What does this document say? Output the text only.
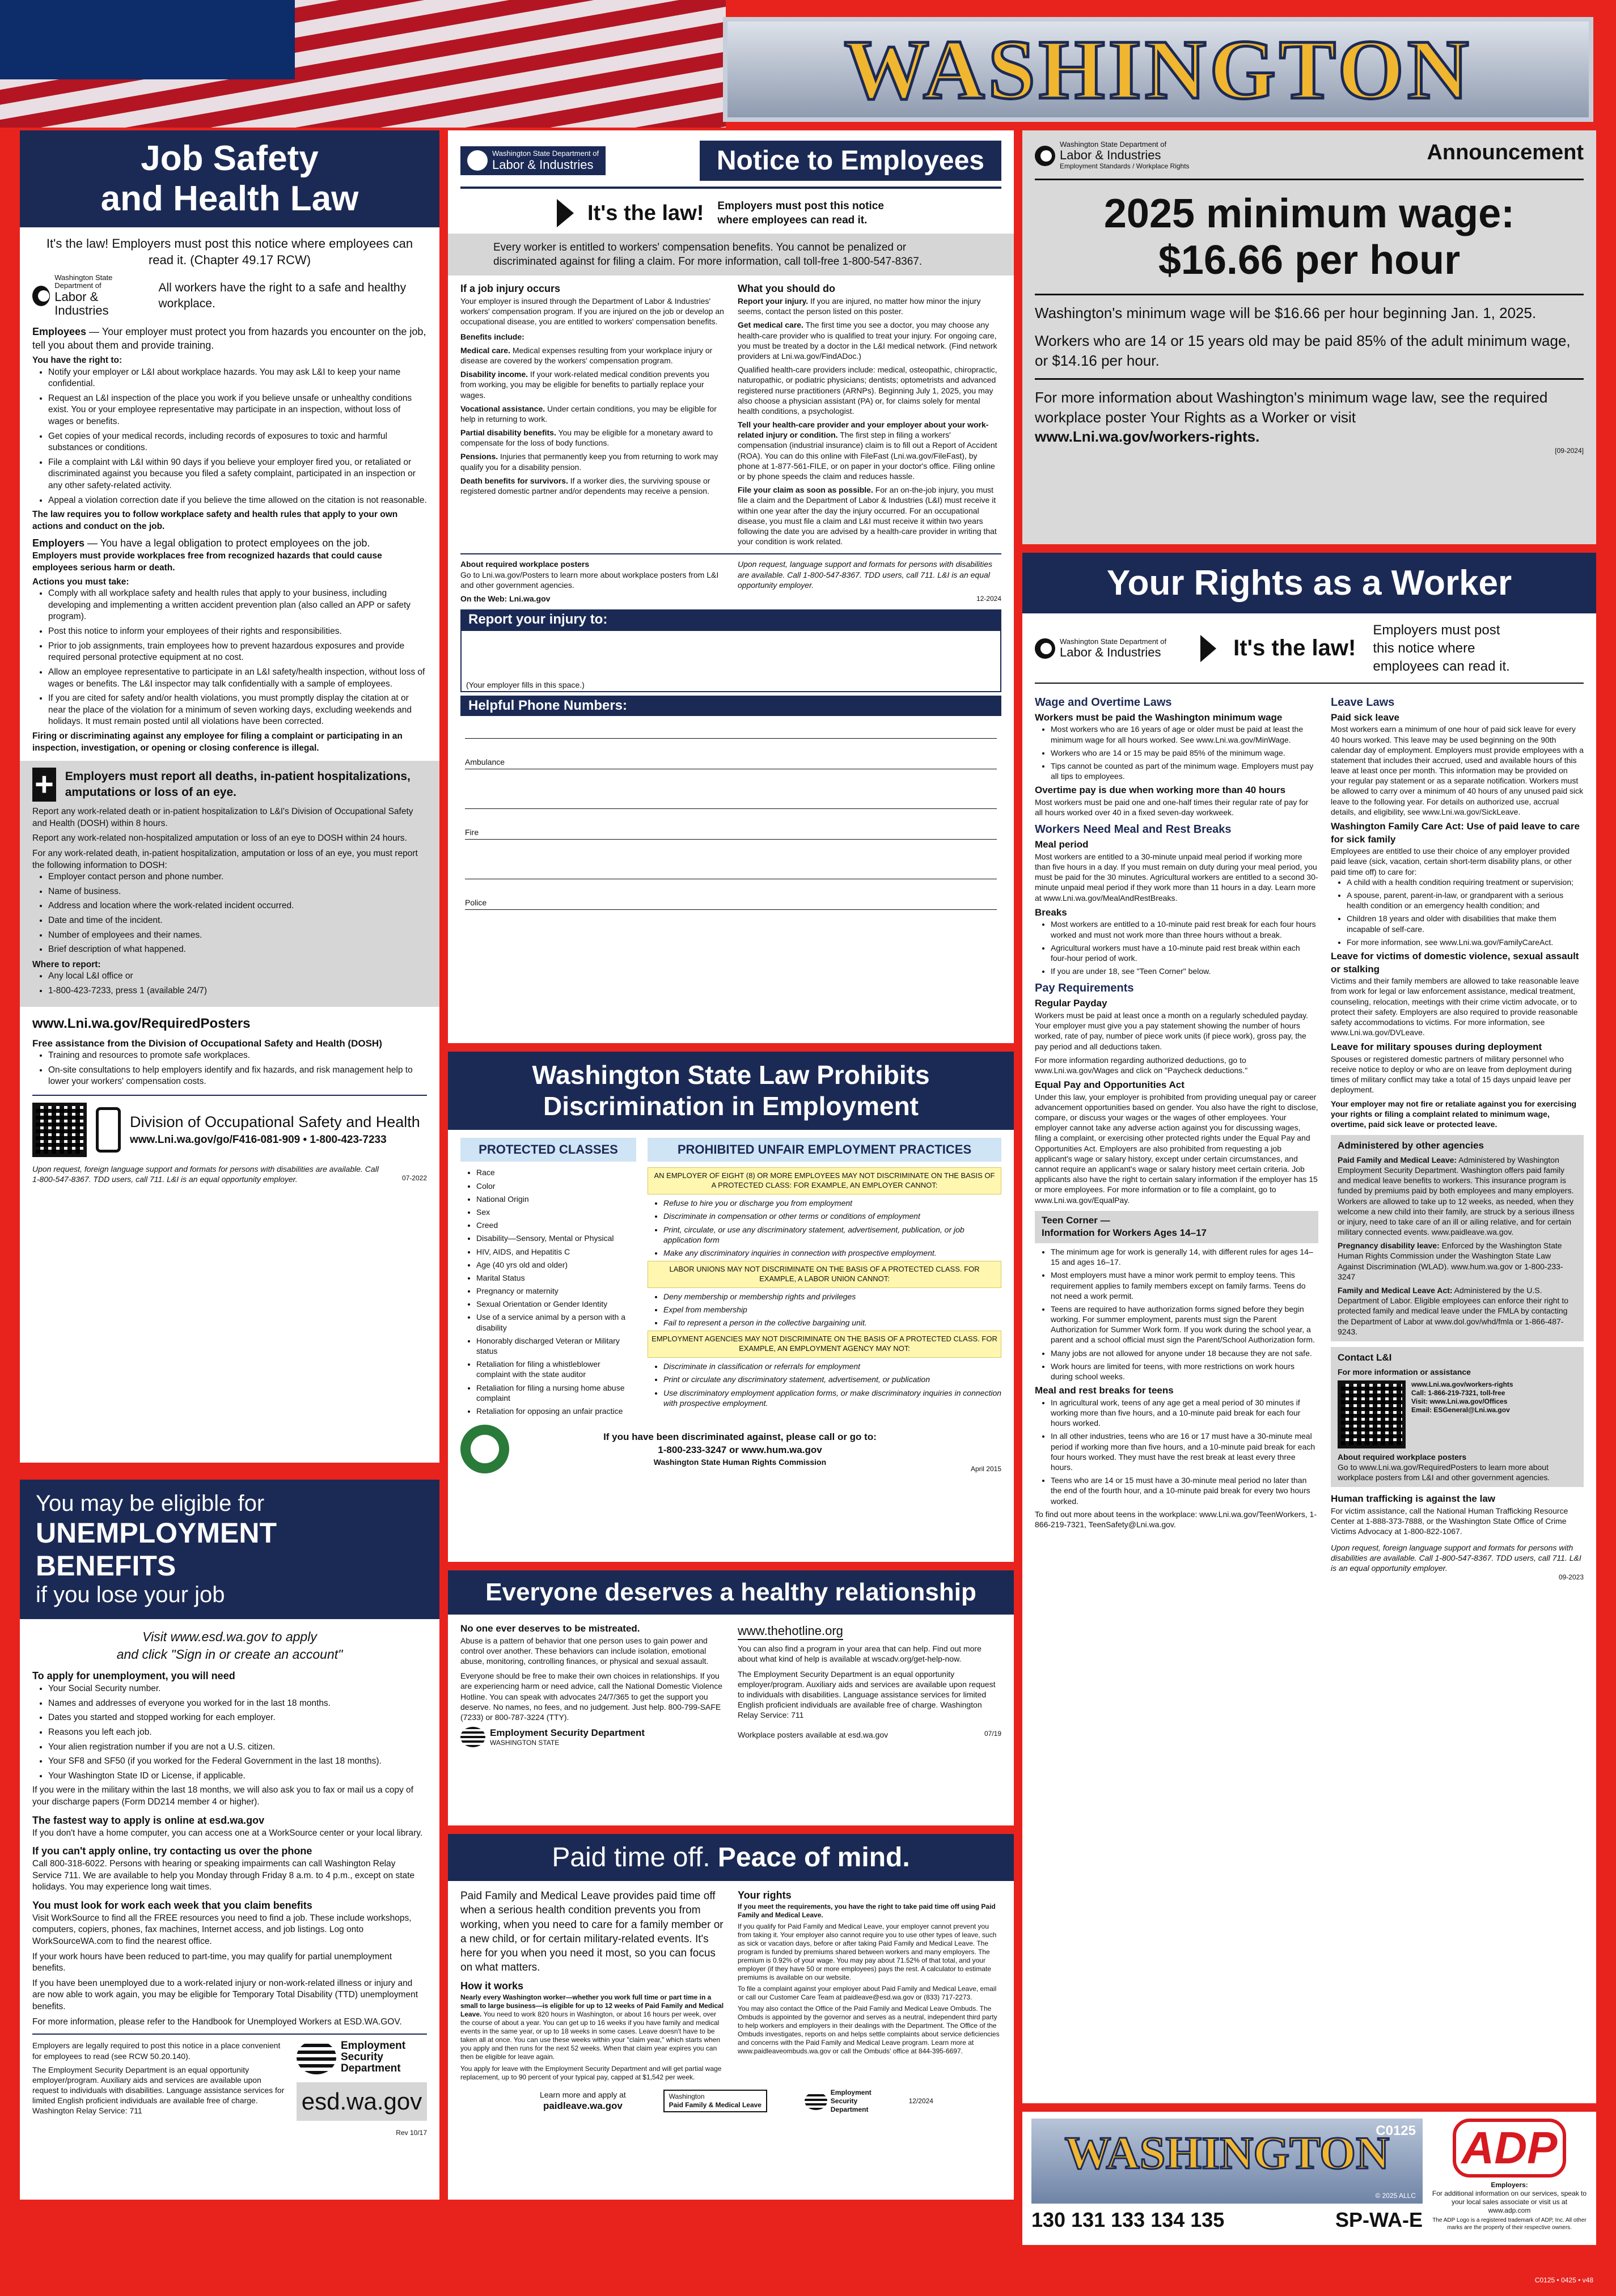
WASHINGTON
Job Safety
and Health Law

It's the law! Employers must post this notice where employees can read it. (Chapter 49.17 RCW)

Washington State Department of
Labor & Industries

All workers have the right to a safe and healthy workplace.

Employees — Your employer must protect you from hazards you encounter on the job, tell you about them and provide training.

You have the right to:

• Notify your employer or L&I about workplace hazards. You may ask L&I to keep your name confidential.
• Request an L&I inspection of the place you work if you believe unsafe or unhealthy conditions exist. You or your employee representative may participate in an inspection, without loss of wages or benefits.
• Get copies of your medical records, including records of exposures to toxic and harmful substances or conditions.
• File a complaint with L&I within 90 days if you believe your employer fired you, or retaliated or discriminated against you because you filed a safety complaint, participated in an inspection or any other safety-related activity.
• Appeal a violation correction date if you believe the time allowed on the citation is not reasonable.

The law requires you to follow workplace safety and health rules that apply to your own actions and conduct on the job.

Employers — You have a legal obligation to protect employees on the job.

Employers must provide workplaces free from recognized hazards that could cause employees serious harm or death.

Actions you must take:

• Comply with all workplace safety and health rules that apply to your business, including developing and implementing a written accident prevention plan (also called an APP or safety program).
• Post this notice to inform your employees of their rights and responsibilities.
• Prior to job assignments, train employees how to prevent hazardous exposures and provide required personal protective equipment at no cost.
• Allow an employee representative to participate in an L&I safety/health inspection, without loss of wages or benefits. The L&I inspector may talk confidentially with a sample of employees.
• If you are cited for safety and/or health violations, you must promptly display the citation at or near the place of the violation for a minimum of seven working days, excluding weekends and holidays. It must remain posted until all violations have been corrected.

Firing or discriminating against any employee for filing a complaint or participating in an inspection, investigation, or opening or closing conference is illegal.

+ Employers must report all deaths, in-patient hospitalizations, amputations or loss of an eye.

Report any work-related death or in-patient hospitalization to L&I's Division of Occupational Safety and Health (DOSH) within 8 hours.

Report any work-related non-hospitalized amputation or loss of an eye to DOSH within 24 hours.

For any work-related death, in-patient hospitalization, amputation or loss of an eye, you must report the following information to DOSH:

• Employer contact person and phone number.
• Name of business.
• Address and location where the work-related incident occurred.
• Date and time of the incident.
• Number of employees and their names.
• Brief description of what happened.

Where to report:

• Any local L&I office or
• 1-800-423-7233, press 1 (available 24/7)

www.Lni.wa.gov/RequiredPosters

Free assistance from the Division of Occupational Safety and Health (DOSH)

• Training and resources to promote safe workplaces.
• On-site consultations to help employers identify and fix hazards, and risk management help to lower your workers' compensation costs.

Division of Occupational Safety and Health

www.Lni.wa.gov/go/F416-081-909 • 1-800-423-7233

Upon request, foreign language support and formats for persons with disabilities are available. Call 1-800-547-8367. TDD users, call 711. L&I is an equal opportunity employer.	07-2022

You may be eligible for
UNEMPLOYMENT BENEFITS
if you lose your job

Visit www.esd.wa.gov to apply

and click "Sign in or create an account"

To apply for unemployment, you will need

• Your Social Security number.
• Names and addresses of everyone you worked for in the last 18 months.
• Dates you started and stopped working for each employer.
• Reasons you left each job.
• Your alien registration number if you are not a U.S. citizen.
• Your SF8 and SF50 (if you worked for the Federal Government in the last 18 months).
• Your Washington State ID or License, if applicable.

If you were in the military within the last 18 months, we will also ask you to fax or mail us a copy of your discharge papers (Form DD214 member 4 or higher).

The fastest way to apply is online at esd.wa.gov

If you don't have a home computer, you can access one at a WorkSource center or your local library.

If you can't apply online, try contacting us over the phone

Call 800-318-6022. Persons with hearing or speaking impairments can call Washington Relay Service 711. We are available to help you Monday through Friday 8 a.m. to 4 p.m., except on state holidays. You may experience long wait times.

You must look for work each week that you claim benefits

Visit WorkSource to find all the FREE resources you need to find a job. These include workshops, computers, copiers, phones, fax machines, Internet access, and job listings. Log onto WorkSourceWA.com to find the nearest office.

If your work hours have been reduced to part-time, you may qualify for partial unemployment benefits.

If you have been unemployed due to a work-related injury or non-work-related illness or injury and are now able to work again, you may be eligible for Temporary Total Disability (TTD) unemployment benefits.

For more information, please refer to the Handbook for Unemployed Workers at ESD.WA.GOV.

Employers are legally required to post this notice in a place convenient for employees to read (see RCW 50.20.140).

The Employment Security Department is an equal opportunity employer/program. Auxiliary aids and services are available upon request to individuals with disabilities. Language assistance services for limited English proficient individuals are available free of charge. Washington Relay Service: 711

Employment
Security
Department
esd.wa.gov

Rev 10/17

Washington State Department of
Labor & Industries	Notice to Employees
It's the law! Employers must post this notice where employees can read it.

Every worker is entitled to workers' compensation benefits. You cannot be penalized or discriminated against for filing a claim. For more information, call toll-free 1-800-547-8367.

If a job injury occurs

Your employer is insured through the Department of Labor & Industries' workers' compensation program. If you are injured on the job or develop an occupational disease, you are entitled to workers' compensation benefits.

Benefits include:

Medical care. Medical expenses resulting from your workplace injury or disease are covered by the workers' compensation program.

Disability income. If your work-related medical condition prevents you from working, you may be eligible for benefits to partially replace your wages.

Vocational assistance. Under certain conditions, you may be eligible for help in returning to work.

Partial disability benefits. You may be eligible for a monetary award to compensate for the loss of body functions.

Pensions. Injuries that permanently keep you from returning to work may qualify you for a disability pension.

Death benefits for survivors. If a worker dies, the surviving spouse or registered domestic partner and/or dependents may receive a pension.

What you should do

Report your injury. If you are injured, no matter how minor the injury seems, contact the person listed on this poster.

Get medical care. The first time you see a doctor, you may choose any health-care provider who is qualified to treat your injury. For ongoing care, you must be treated by a doctor in the L&I medical network. (Find network providers at Lni.wa.gov/FindADoc.)

Qualified health-care providers include: medical, osteopathic, chiropractic, naturopathic, or podiatric physicians; dentists; optometrists and advanced registered nurse practitioners (ARNPs). Beginning July 1, 2025, you may also choose a physician assistant (PA) or, for claims solely for mental health conditions, a psychologist.

Tell your health-care provider and your employer about your work-related injury or condition. The first step in filing a workers' compensation (industrial insurance) claim is to fill out a Report of Accident (ROA). You can do this online with FileFast (Lni.wa.gov/FileFast), by phone at 1-877-561-FILE, or on paper in your doctor's office. Filing online or by phone speeds the claim and reduces hassle.

File your claim as soon as possible. For an on-the-job injury, you must file a claim and the Department of Labor & Industries (L&I) must receive it within one year after the day the injury occurred. For an occupational disease, you must file a claim and L&I must receive it within two years following the date you are advised by a health-care provider in writing that your condition is work related.

About required workplace posters

Go to Lni.wa.gov/Posters to learn more about workplace posters from L&I and other government agencies.

On the Web: Lni.wa.gov

Upon request, language support and formats for persons with disabilities are available. Call 1-800-547-8367. TDD users, call 711. L&I is an equal opportunity employer.

12-2024

Report your injury to:

(Your employer fills in this space.)

Helpful Phone Numbers:
Ambulance
Fire
Police
Washington State Law Prohibits
Discrimination in Employment
PROTECTED CLASSES
• Race
• Color
• National Origin
• Sex
• Creed
• Disability—Sensory, Mental or Physical
• HIV, AIDS, and Hepatitis C
• Age (40 yrs old and older)
• Marital Status
• Pregnancy or maternity
• Sexual Orientation or Gender Identity
• Use of a service animal by a person with a disability
• Honorably discharged Veteran or Military status
• Retaliation for filing a whistleblower complaint with the state auditor
• Retaliation for filing a nursing home abuse complaint
• Retaliation for opposing an unfair practice
PROHIBITED UNFAIR EMPLOYMENT PRACTICES
AN EMPLOYER OF EIGHT (8) OR MORE EMPLOYEES MAY NOT DISCRIMINATE ON THE BASIS OF A PROTECTED CLASS: FOR EXAMPLE, AN EMPLOYER CANNOT:
• Refuse to hire you or discharge you from employment
• Discriminate in compensation or other terms or conditions of employment
• Print, circulate, or use any discriminatory statement, advertisement, publication, or job application form
• Make any discriminatory inquiries in connection with prospective employment.
LABOR UNIONS MAY NOT DISCRIMINATE ON THE BASIS OF A PROTECTED CLASS. FOR EXAMPLE, A LABOR UNION CANNOT:
• Deny membership or membership rights and privileges
• Expel from membership
• Fail to represent a person in the collective bargaining unit.
EMPLOYMENT AGENCIES MAY NOT DISCRIMINATE ON THE BASIS OF A PROTECTED CLASS. FOR EXAMPLE, AN EMPLOYMENT AGENCY MAY NOT:
• Discriminate in classification or referrals for employment
• Print or circulate any discriminatory statement, advertisement, or publication
• Use discriminatory employment application forms, or make discriminatory inquiries in connection with prospective employment.

If you have been discriminated against, please call or go to:

1-800-233-3247 or www.hum.wa.gov

Washington State Human Rights Commission

April 2015

Everyone deserves a healthy relationship

No one ever deserves to be mistreated.

Abuse is a pattern of behavior that one person uses to gain power and control over another. These behaviors can include isolation, emotional abuse, monitoring, controlling finances, or physical and sexual assault.

Everyone should be free to make their own choices in relationships. If you are experiencing harm or need advice, call the National Domestic Violence Hotline. You can speak with advocates 24/7/365 to get the support you deserve. No names, no fees, and no judgement. Just help. 800-799-SAFE (7233) or 800-787-3224 (TTY).

Employment Security Department
WASHINGTON STATE

www.thehotline.org

You can also find a program in your area that can help. Find out more about what kind of help is available at wscadv.org/get-help-now.

The Employment Security Department is an equal opportunity employer/program. Auxiliary aids and services are available upon request to individuals with disabilities. Language assistance services for limited English proficient individuals are available free of charge. Washington Relay Service: 711

Workplace posters available at esd.wa.gov	07/19

Paid time off. Peace of mind.

Paid Family and Medical Leave provides paid time off when a serious health condition prevents you from working, when you need to care for a family member or a new child, or for certain military-related events. It's here for you when you need it most, so you can focus on what matters.

How it works

Nearly every Washington worker—whether you work full time or part time in a small to large business—is eligible for up to 12 weeks of Paid Family and Medical Leave. You need to work 820 hours in Washington, or about 16 hours per week, over the course of about a year. You can get up to 16 weeks if you have family and medical events in the same year, or up to 18 weeks in some cases. Leave doesn't have to be taken all at once. You can use these weeks within your "claim year," which starts when you apply and then runs for the next 52 weeks. When that claim year expires you can then be eligible for leave again.

You apply for leave with the Employment Security Department and will get partial wage replacement, up to 90 percent of your typical pay, capped at $1,542 per week.

Your rights

If you meet the requirements, you have the right to take paid time off using Paid Family and Medical Leave.

If you qualify for Paid Family and Medical Leave, your employer cannot prevent you from taking it. Your employer also cannot require you to use other types of leave, such as sick or vacation days, before or after taking Paid Family and Medical Leave. The program is funded by premiums shared between workers and many employers. The premium is 0.92% of your wage. You may pay about 71.52% of that total, and your employer (if they have 50 or more employees) pays the rest. A calculator to estimate premiums is available on our website.

To file a complaint against your employer about Paid Family and Medical Leave, email or call our Customer Care Team at paidleave@esd.wa.gov or (833) 717-2273.

You may also contact the Office of the Paid Family and Medical Leave Ombuds. The Ombuds is appointed by the governor and serves as a neutral, independent third party to help workers and employers in their dealings with the Department. The Office of the Ombuds investigates, reports on and helps settle complaints about service deficiencies and concerns with the Paid Family and Medical Leave program. Learn more at www.paidleaveombuds.wa.gov or call the Ombuds' office at 844-395-6697.

Learn more and apply at

paidleave.wa.gov

Washington
Paid Family & Medical Leave
Employment
Security
Department

12/2024

Washington State Department of
Labor & Industries
Employment Standards / Workplace Rights
Announcement
2025 minimum wage:
$16.66 per hour

Washington's minimum wage will be $16.66 per hour beginning Jan. 1, 2025.

Workers who are 14 or 15 years old may be paid 85% of the adult minimum wage, or $14.16 per hour.

For more information about Washington's minimum wage law, see the required workplace poster Your Rights as a Worker or visit

www.Lni.wa.gov/workers-rights.

[09-2024]

Your Rights as a Worker
Washington State Department of
Labor & Industries	It's the law!

Employers must post this notice where employees can read it.

Wage and Overtime Laws

Workers must be paid the Washington minimum wage

• Most workers who are 16 years of age or older must be paid at least the minimum wage for all hours worked. See www.Lni.wa.gov/MinWage.
• Workers who are 14 or 15 may be paid 85% of the minimum wage.
• Tips cannot be counted as part of the minimum wage. Employers must pay all tips to employees.

Overtime pay is due when working more than 40 hours

Most workers must be paid one and one-half times their regular rate of pay for all hours worked over 40 in a fixed seven-day workweek.

Workers Need Meal and Rest Breaks

Meal period

Most workers are entitled to a 30-minute unpaid meal period if working more than five hours in a day. If you must remain on duty during your meal period, you must be paid for the 30 minutes. Agricultural workers are entitled to a second 30-minute unpaid meal period if they work more than 11 hours in a day. Learn more at www.Lni.wa.gov/MealAndRestBreaks.

Breaks

• Most workers are entitled to a 10-minute paid rest break for each four hours worked and must not work more than three hours without a break.
• Agricultural workers must have a 10-minute paid rest break within each four-hour period of work.
• If you are under 18, see "Teen Corner" below.
Pay Requirements

Regular Payday

Workers must be paid at least once a month on a regularly scheduled payday. Your employer must give you a pay statement showing the number of hours worked, rate of pay, number of piece work units (if piece work), gross pay, the pay period and all deductions taken.

For more information regarding authorized deductions, go to www.Lni.wa.gov/Wages and click on "Paycheck deductions."

Equal Pay and Opportunities Act

Under this law, your employer is prohibited from providing unequal pay or career advancement opportunities based on gender. You also have the right to disclose, compare, or discuss your wages or the wages of other employees. Your employer cannot take any adverse action against you for discussing wages, filing a complaint, or exercising other protected rights under the Equal Pay and Opportunities Act. Employers are also prohibited from requesting a job applicant's wage or salary history, except under certain circumstances, and cannot require an applicant's wage or salary history meet certain criteria. Job applicants also have the right to certain salary information if the employer has 15 or more employees. For more information or to file a complaint, go to www.Lni.wa.gov/EqualPay.

Teen Corner —

Information for Workers Ages 14–17

• The minimum age for work is generally 14, with different rules for ages 14–15 and ages 16–17.
• Most employers must have a minor work permit to employ teens. This requirement applies to family members except on family farms. Teens do not need a work permit.
• Teens are required to have authorization forms signed before they begin working. For summer employment, parents must sign the Parent Authorization for Summer Work form. If you work during the school year, a parent and a school official must sign the Parent/School Authorization form.
• Many jobs are not allowed for anyone under 18 because they are not safe.
• Work hours are limited for teens, with more restrictions on work hours during school weeks.

Meal and rest breaks for teens

• In agricultural work, teens of any age get a meal period of 30 minutes if working more than five hours, and a 10-minute paid break for each four hours worked.
• In all other industries, teens who are 16 or 17 must have a 30-minute meal period if working more than five hours, and a 10-minute paid break for each four hours worked. They must have the rest break at least every three hours.
• Teens who are 14 or 15 must have a 30-minute meal period no later than the end of the fourth hour, and a 10-minute paid break for every two hours worked.

To find out more about teens in the workplace: www.Lni.wa.gov/TeenWorkers, 1-866-219-7321, TeenSafety@Lni.wa.gov.

Leave Laws

Paid sick leave

Most workers earn a minimum of one hour of paid sick leave for every 40 hours worked. This leave may be used beginning on the 90th calendar day of employment. Employers must provide employees with a statement that includes their accrued, used and available hours of this leave at least once per month. This information may be provided on your regular pay statement or as a separate notification. Workers must be allowed to carry over a minimum of 40 hours of any unused paid sick leave to the following year. For details on authorized use, accrual details, and eligibility, see www.Lni.wa.gov/SickLeave.

Washington Family Care Act: Use of paid leave to care for sick family

Employees are entitled to use their choice of any employer provided paid leave (sick, vacation, certain short-term disability plans, or other paid time off) to care for:

• A child with a health condition requiring treatment or supervision;
• A spouse, parent, parent-in-law, or grandparent with a serious health condition or an emergency health condition; and
• Children 18 years and older with disabilities that make them incapable of self-care.
• For more information, see www.Lni.wa.gov/FamilyCareAct.

Leave for victims of domestic violence, sexual assault or stalking

Victims and their family members are allowed to take reasonable leave from work for legal or law enforcement assistance, medical treatment, counseling, relocation, meetings with their crime victim advocate, or to protect their safety. Employers are also required to provide reasonable safety accommodations to victims. For more information, see www.Lni.wa.gov/DVLeave.

Leave for military spouses during deployment

Spouses or registered domestic partners of military personnel who receive notice to deploy or who are on leave from deployment during times of military conflict may take a total of 15 days unpaid leave per deployment.

Your employer may not fire or retaliate against you for exercising your rights or filing a complaint related to minimum wage, overtime, paid sick leave or protected leave.

Administered by other agencies

Paid Family and Medical Leave: Administered by Washington Employment Security Department. Washington offers paid family and medical leave benefits to workers. This insurance program is funded by premiums paid by both employees and many employers. Workers are allowed to take up to 12 weeks, as needed, when they welcome a new child into their family, are struck by a serious illness or injury, need to take care of an ill or ailing relative, and for certain military connected events. www.paidleave.wa.gov.

Pregnancy disability leave: Enforced by the Washington State Human Rights Commission under the Washington State Law Against Discrimination (WLAD). www.hum.wa.gov or 1-800-233-3247

Family and Medical Leave Act: Administered by the U.S. Department of Labor. Eligible employees can enforce their right to protected family and medical leave under the FMLA by contacting the Department of Labor at www.dol.gov/whd/fmla or 1-866-487-9243.

Contact L&I

For more information or assistance

www.Lni.wa.gov/workers-rights

Call: 1-866-219-7321, toll-free

Visit: www.Lni.wa.gov/Offices

Email: ESGeneral@Lni.wa.gov

About required workplace posters

Go to www.Lni.wa.gov/RequiredPosters to learn more about workplace posters from L&I and other government agencies.

Human trafficking is against the law

For victim assistance, call the National Human Trafficking Resource Center at 1-888-373-7888, or the Washington State Office of Crime Victims Advocacy at 1-800-822-1067.

Upon request, foreign language support and formats for persons with disabilities are available. Call 1-800-547-8367. TDD users, call 711. L&I is an equal opportunity employer.

09-2023

C0125
WASHINGTON
© 2025 ALLC
130 131 133 134 135	SP-WA-E
ADP

Employers:

For additional information on our services, speak to your local sales associate or visit us at www.adp.com

The ADP Logo is a registered trademark of ADP, Inc. All other marks are the property of their respective owners.

C0125 • 0425 • v48
